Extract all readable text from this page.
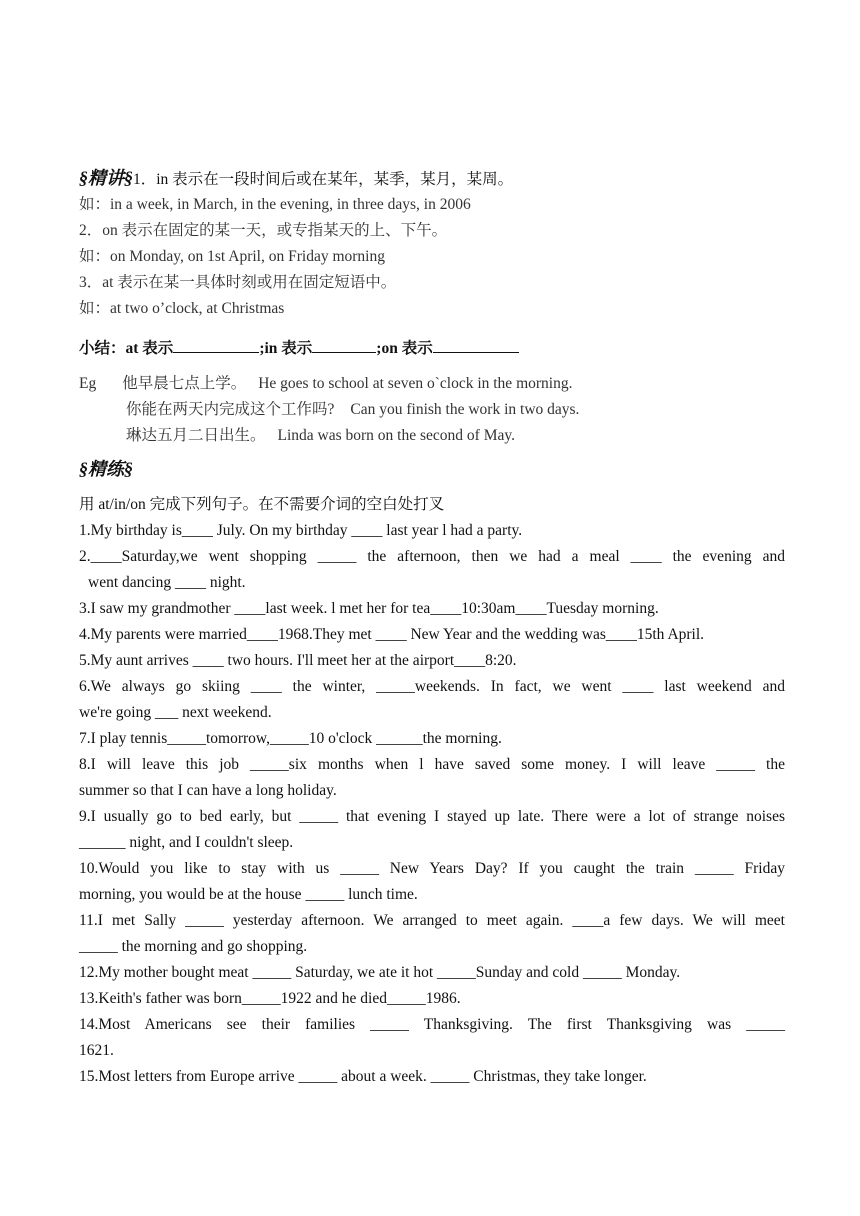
§精讲§1．in 表示在一段时间后或在某年，某季，某月，某周。
如：in a week, in March, in the evening, in three days, in 2006
2．on 表示在固定的某一天，或专指某天的上、下午。
如：on Monday, on 1st April, on Friday morning
3．at 表示在某一具体时刻或用在固定短语中。
如：at two o’clock, at Christmas
小结：at 表示	;in 表示	;on 表示
Eg 他早晨七点上学。 He goes to school at seven o`clock in the morning.
你能在两天内完成这个工作吗? Can you finish the work in two days.
琳达五月二日出生。 Linda was born on the second of May.
§精练§
用 at/in/on 完成下列句子。在不需要介词的空白处打叉
1.My birthday is____ July. On my birthday ____ last year l had a party.
2.____Saturday,we went shopping _____ the afternoon, then we had a meal ____ the evening and
went dancing ____ night.
3.I saw my grandmother ____last week. l met her for tea____10:30am____Tuesday morning.
4.My parents were married____1968.They met ____ New Year and the wedding was____15th April.
5.My aunt arrives ____ two hours. I'll meet her at the airport____8:20.
6.We always go skiing ____ the winter, _____weekends. In fact, we went ____ last weekend and
we're going ___ next weekend.
7.I play tennis_____tomorrow,_____10 o'clock ______the morning.
8.I will leave this job _____six months when l have saved some money. I will leave _____ the
summer so that I can have a long holiday.
9.I usually go to bed early, but _____ that evening I stayed up late. There were a lot of strange noises
______ night, and I couldn't sleep.
10.Would you like to stay with us _____ New Years Day? If you caught the train _____ Friday
morning, you would be at the house _____ lunch time.
11.I met Sally _____ yesterday afternoon. We arranged to meet again. ____a few days. We will meet
_____ the morning and go shopping.
12.My mother bought meat _____ Saturday, we ate it hot _____Sunday and cold _____ Monday.
13.Keith's father was born_____1922 and he died_____1986.
14.Most Americans see their families _____ Thanksgiving. The first Thanksgiving was _____
1621.
15.Most letters from Europe arrive _____ about a week. _____ Christmas, they take longer.
